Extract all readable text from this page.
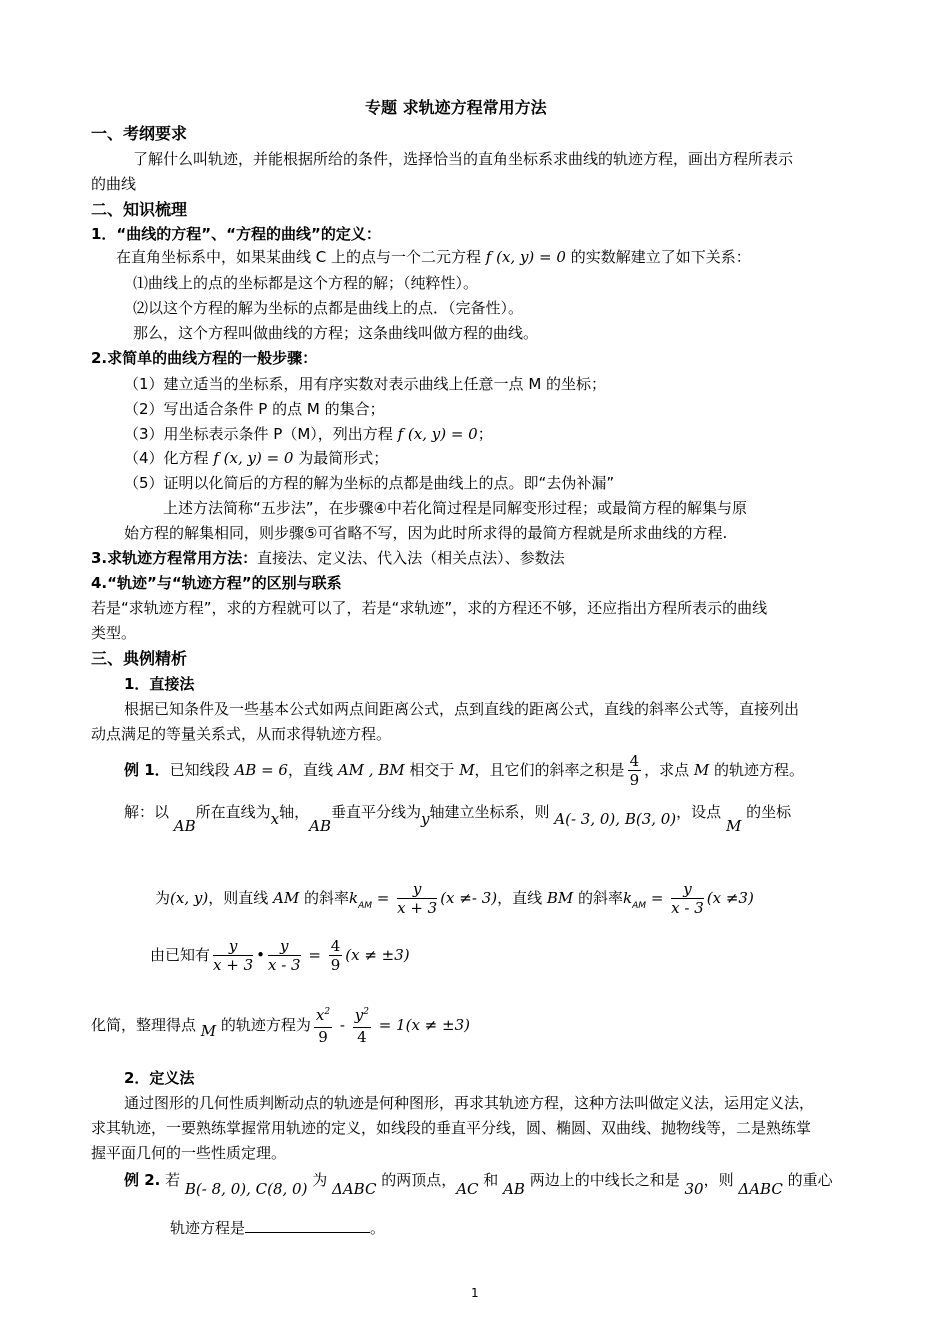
专题 求轨迹方程常用方法
一、考纲要求
了解什么叫轨迹，并能根据所给的条件，选择恰当的直角坐标系求曲线的轨迹方程，画出方程所表示
的曲线
二、知识梳理
1．“曲线的方程”、“方程的曲线”的定义：
在直角坐标系中，如果某曲线 C 上的点与一个二元方程 f (x, y) = 0 的实数解建立了如下关系：
⑴曲线上的点的坐标都是这个方程的解；（纯粹性）。
⑵以这个方程的解为坐标的点都是曲线上的点．（完备性）。
那么，这个方程叫做曲线的方程；这条曲线叫做方程的曲线。
2.求简单的曲线方程的一般步骤：
（1）建立适当的坐标系，用有序实数对表示曲线上任意一点 M 的坐标；
（2）写出适合条件 P 的点 M 的集合；
（3）用坐标表示条件 P（M），列出方程 f (x, y) = 0；
（4）化方程 f (x, y) = 0 为最简形式；
（5）证明以化简后的方程的解为坐标的点都是曲线上的点。即“去伪补漏”
上述方法简称“五步法”，在步骤④中若化简过程是同解变形过程；或最简方程的解集与原
始方程的解集相同，则步骤⑤可省略不写，因为此时所求得的最简方程就是所求曲线的方程.
3.求轨迹方程常用方法：直接法、定义法、代入法（相关点法）、参数法
4.“轨迹”与“轨迹方程”的区别与联系
若是“求轨迹方程”，求的方程就可以了，若是“求轨迹”，求的方程还不够，还应指出方程所表示的曲线
类型。
三、典例精析
1．直接法
根据已知条件及一些基本公式如两点间距离公式，点到直线的距离公式，直线的斜率公式等，直接列出
动点满足的等量关系式，从而求得轨迹方程。
例 1．已知线段 AB = 6，直线 AM , BM 相交于 M，且它们的斜率之积是 $\frac{4}{9}$ ，求点 M 的轨迹方程。
解：以 AB所在直线为x轴，AB垂直平分线为y轴建立坐标系，则 A(- 3, 0), B(3, 0)，设点 M 的坐标
为(x, y)，则直线 AM 的斜率$k_{AM} = \frac{y}{x + 3} (x \ne- 3)$，直线 BM 的斜率$k_{AM} = \frac{y}{x - 3} (x \ne 3)$
由已知有 $\frac{y}{x + 3}$ • $\frac{y}{x - 3} = \frac{4}{9} (x \ne \pm 3)$
化简，整理得点 M 的轨迹方程为 $\frac{x^2}{9} - \frac{y^2}{4} = 1(x \ne \pm 3)$
2．定义法
通过图形的几何性质判断动点的轨迹是何种图形，再求其轨迹方程，这种方法叫做定义法，运用定义法，
求其轨迹，一要熟练掌握常用轨迹的定义，如线段的垂直平分线，圆、椭圆、双曲线、抛物线等，二是熟练掌
握平面几何的一些性质定理。
例 2. 若 B(- 8, 0), C(8, 0) 为 ΔABC 的两顶点，AC 和 AB 两边上的中线长之和是 30，则 ΔABC 的重心
轨迹方程是	。
1
